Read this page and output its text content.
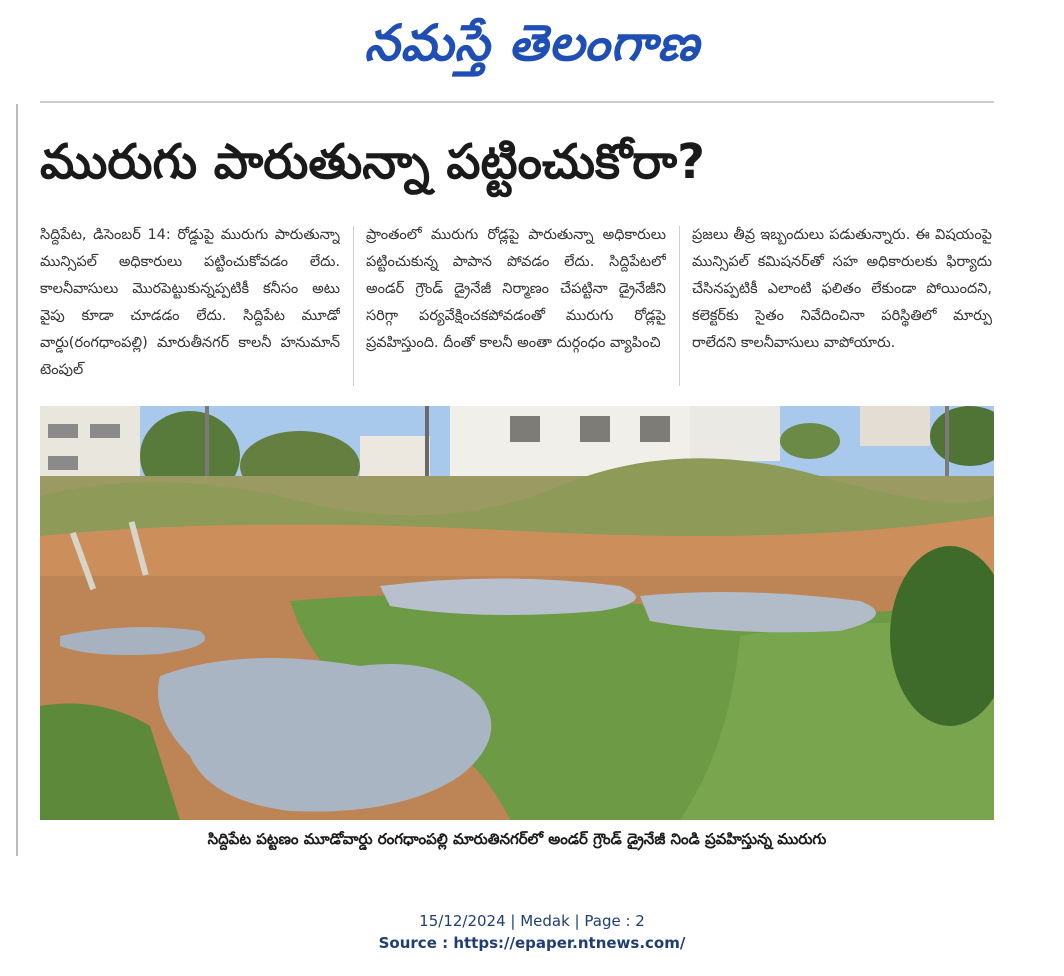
నమస్తే తెలంగాణ
మురుగు పారుతున్నా పట్టించుకోరా?
సిద్దిపేట, డిసెంబర్ 14: రోడ్డుపై మురుగు పారుతున్నా మున్సిపల్ అధికారులు పట్టించుకోవడం లేదు. కాలనీవాసులు మొరపెట్టుకున్నప్పటికీ కనీసం అటు వైపు కూడా చూడడం లేదు. సిద్దిపేట మూడో వార్డు(రంగధాంపల్లి) మారుతీనగర్ కాలనీ హనుమాన్ టెంపుల్
ప్రాంతంలో మురుగు రోడ్లపై పారుతున్నా అధికారులు పట్టించుకున్న పాపాన పోవడం లేదు. సిద్దిపేటలో అండర్ గ్రౌండ్ డ్రైనేజీ నిర్మాణం చేపట్టినా డ్రైనేజీని సరిగ్గా పర్యవేక్షించకపోవడంతో మురుగు రోడ్లపై ప్రవహిస్తుంది. దీంతో కాలనీ అంతా దుర్గంధం వ్యాపించి
ప్రజలు తీవ్ర ఇబ్బందులు పడుతున్నారు. ఈ విషయంపై మున్సిపల్ కమిషనర్‌తో సహ అధికారులకు ఫిర్యాదు చేసినప్పటికీ ఎలాంటి ఫలితం లేకుండా పోయిందని, కలెక్టర్‌కు సైతం నివేదించినా పరిస్థితిలో మార్పు రాలేదని కాలనీవాసులు వాపోయారు.
సిద్దిపేట పట్టణం మూడోవార్డు రంగధాంపల్లి మారుతినగర్‌లో అండర్ గ్రౌండ్ డ్రైనేజీ నిండి ప్రవహిస్తున్న మురుగు
15/12/2024 | Medak | Page : 2
Source : https://epaper.ntnews.com/
